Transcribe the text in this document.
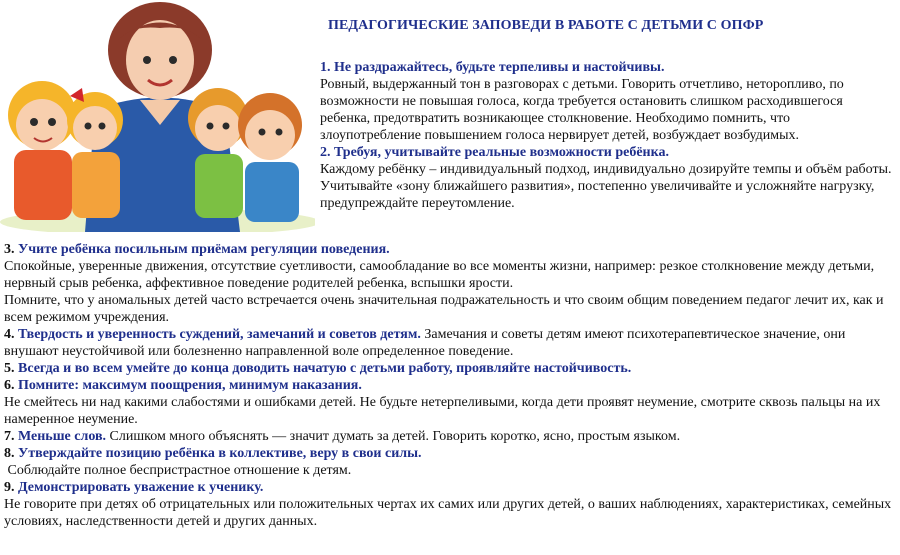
ПЕДАГОГИЧЕСКИЕ ЗАПОВЕДИ В РАБОТЕ С ДЕТЬМИ С ОПФР

1. Не раздражайтесь, будьте терпеливы и настойчивы.

Ровный, выдержанный тон в разговорах с детьми. Говорить отчетливо, неторопливо, по возможности не повышая голоса, когда требуется остановить слишком расходившегося ребенка, предотвратить возникающее столкновение. Необходимо помнить, что злоупотребление повышением голоса нервирует детей, возбуждает возбудимых.

2. Требуя, учитывайте реальные возможности ребёнка.

Каждому ребёнку – индивидуальный подход, индивидуально дозируйте темпы и объём работы. Учитывайте «зону ближайшего развития», постепенно увеличивайте и усложняйте нагрузку, предупреждайте переутомление.

3. Учите ребёнка посильным приёмам регуляции поведения.

Спокойные, уверенные движения, отсутствие суетливости, самообладание во все моменты жизни, например: резкое столкновение между детьми, нервный срыв ребенка, аффективное поведение родителей ребенка, вспышки ярости.

Помните, что у аномальных детей часто встречается очень значительная подражательность и что своим общим поведением педагог лечит их, как и всем режимом учреждения.

4. Твердость и уверенность суждений, замечаний и советов детям. Замечания и советы детям имеют психотерапевтическое значение, они внушают неустойчивой или болезненно направленной воле определенное поведение.

5. Всегда и во всем умейте до конца доводить начатую с детьми работу, проявляйте настойчивость.

6. Помните: максимум поощрения, минимум наказания.

Не смейтесь ни над какими слабостями и ошибками детей. Не будьте нетерпеливыми, когда дети проявят неумение, смотрите сквозь пальцы на их намеренное неумение.

7. Меньше слов. Слишком много объяснять — значит думать за детей. Говорить коротко, ясно, простым языком.

8. Утверждайте позицию ребёнка в коллективе, веру в свои силы.

Соблюдайте полное беспристрастное отношение к детям.

9. Демонстрировать уважение к ученику.

Не говорите при детях об отрицательных или положительных чертах их самих или других детей, о ваших наблюдениях, характеристиках, семейных условиях, наследственности детей и других данных.
